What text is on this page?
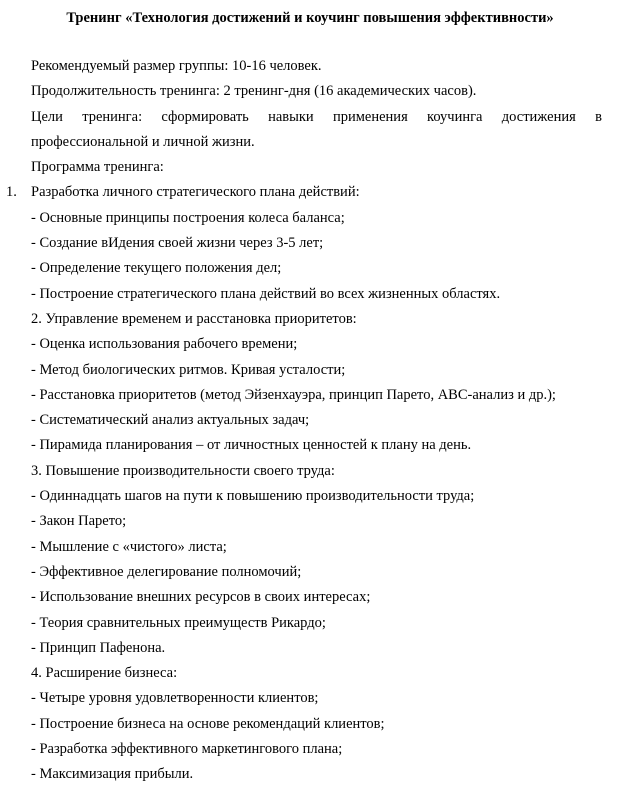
Тренинг «Технология достижений и коучинг повышения эффективности»
Рекомендуемый размер группы: 10-16 человек.
Продолжительность тренинга: 2 тренинг-дня (16 академических часов).
Цели тренинга: сформировать навыки применения коучинга достижения в
профессиональной и личной жизни.
Программа тренинга:
1. Разработка личного стратегического плана действий:
- Основные принципы построения колеса баланса;
- Создание вИдения своей жизни через 3-5 лет;
- Определение текущего положения дел;
- Построение стратегического плана действий во всех жизненных областях.
2. Управление временем и расстановка приоритетов:
- Оценка использования рабочего времени;
- Метод биологических ритмов. Кривая усталости;
- Расстановка приоритетов (метод Эйзенхауэра, принцип Парето, АВС-анализ и др.);
- Систематический анализ актуальных задач;
- Пирамида планирования – от личностных ценностей к плану на день.
3. Повышение производительности своего труда:
- Одиннадцать шагов на пути к повышению производительности труда;
- Закон Парето;
- Мышление с «чистого» листа;
- Эффективное делегирование полномочий;
- Использование внешних ресурсов в своих интересах;
- Теория сравнительных преимуществ Рикардо;
- Принцип Пафенона.
4. Расширение бизнеса:
- Четыре уровня удовлетворенности клиентов;
- Построение бизнеса на основе рекомендаций клиентов;
- Разработка эффективного маркетингового плана;
- Максимизация прибыли.
